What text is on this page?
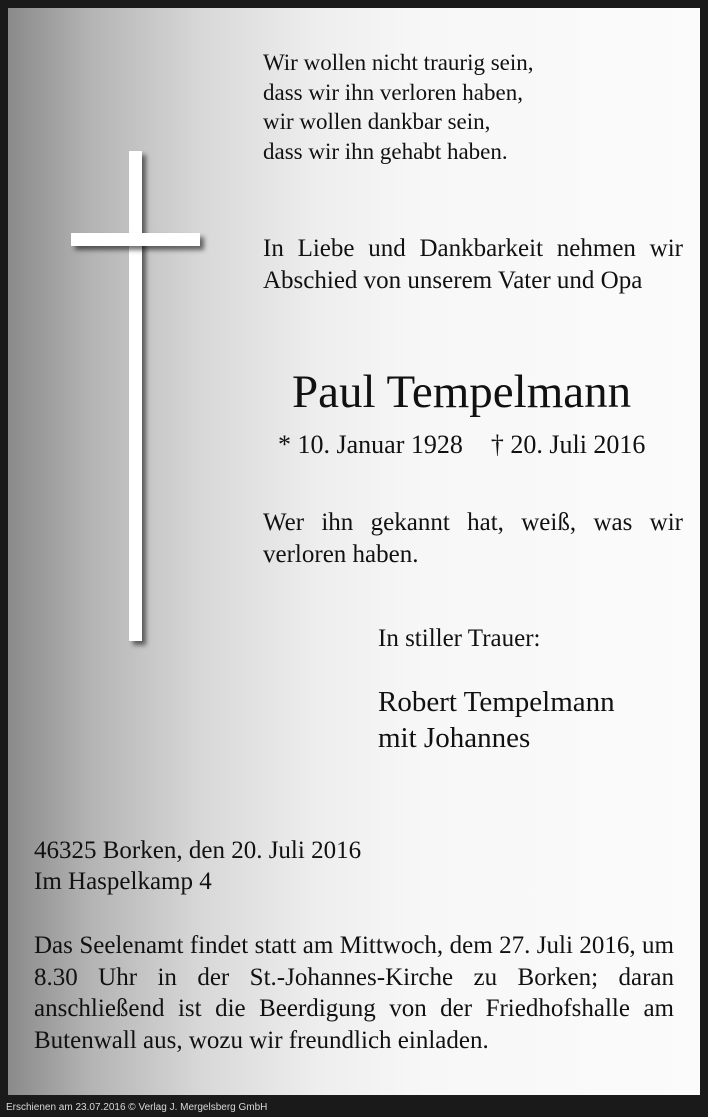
Wir wollen nicht traurig sein,
dass wir ihn verloren haben,
wir wollen dankbar sein,
dass wir ihn gehabt haben.
In Liebe und Dankbarkeit nehmen wir Abschied von unserem Vater und Opa
Paul Tempelmann
* 10. Januar 1928 † 20. Juli 2016
Wer ihn gekannt hat, weiß, was wir verloren haben.
In stiller Trauer:
Robert Tempelmann
mit Johannes
46325 Borken, den 20. Juli 2016
Im Haspelkamp 4
Das Seelenamt findet statt am Mittwoch, dem 27. Juli 2016, um 8.30 Uhr in der St.-Johannes-Kirche zu Borken; daran anschließend ist die Beerdigung von der Friedhofshalle am Butenwall aus, wozu wir freundlich einladen.
Erschienen am 23.07.2016 © Verlag J. Mergelsberg GmbH
